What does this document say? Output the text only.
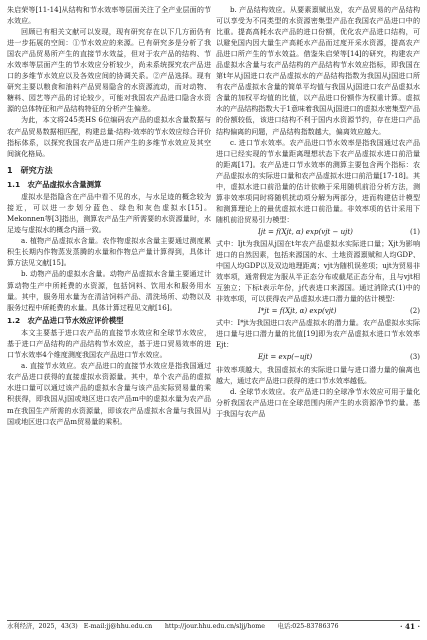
朱启荣等[11-14]从结构和节水效率等层面关注了全产业层面的节水效应。

回顾已有相关文献可以发现，现有研究存在以下几方面仍有进一步拓展的空间：①节水效应的来源。已有研究多是分析了我国农产品贸易所产生的直接节水效益，但对于农产品的结构、节水效率等层面产生的节水效应分析较少，尚未系统探究农产品进口的多维节水效应以及各效应间的协调关系。②产品选择。现有研究主要以粮食和油料产品贸易隐含的水资源流动，而对动物、糖料、园艺等产品的讨论较少，可能对我国农产品进口隐含水资源的总体特征和产品结构特征的分析产生偏差。

为此，本文将245类HS 6位编码农产品的虚拟水含量数据与农产品贸易数据相匹配，构建总量-结构-效率的节水效应综合评价指标体系，以探究我国农产品进口所产生的多维节水效应及其空间演化格局。

1　研究方法
1.1　农产品虚拟水含量测算

虚拟水是指隐含在产品中看不见的水，与水足迹的概念较为接近，可以进一步划分蓝色、绿色和灰色虚拟水[15]。Mekonnen等[3]指出，测算农产品生产所需要的水资源量时，水足迹与虚拟水的概念内涵一致。

a. 植物产品虚拟水含量。农作物虚拟水含量主要通过测度累积生长期内作物蒸发蒸腾的水量和作物总产量计算得到，具体计算方法见文献[15]。

b. 动物产品的虚拟水含量。动物产品虚拟水含量主要通过计算动物生产中所耗费的水资源，包括饲料、饮用水和服务用水量。其中，服务用水量为在清洁饲料产品、清洗场所、动物以及服务过程中所耗费的水量。具体计算过程见文献[16]。

1.2　农产品进口节水效应评价模型

本文主要基于进口农产品的直接节水效应和全球节水效应，基于进口产品结构的产品结构节水效应，基于进口贸易效率的进口节水效率4个维度测度我国农产品进口节水效应。

a. 直接节水效应。农产品进口的直接节水效应是指我国通过农产品进口获得的直接虚拟水资源量。其中，单个农产品的虚拟水进口量可以通过该产品的虚拟水含量与该产品实际贸易量的乘积获得，即我国从j国或地区进口农产品m中的虚拟水量为农产品m在我国生产所需的水资源量，即该农产品虚拟水含量与我国从j国或地区进口农产品m贸易量的乘积。

b. 产品结构效应。从要素禀赋出发，农产品贸易的产品结构可以享受为不同类型的水资源密集型产品在我国农产品进口中的比重。提高高耗水农产品的进口份额，优化农产品进口结构，可以避免国内因大量生产高耗水产品而过度开采水资源，提高农产品进口所产生的节水效益。借鉴朱启荣等[14]的研究，构建农产品虚拟水含量与农产品结构的产品结构节水效应指标，即我国在第t年从j国进口农产品虚拟水的产品结构指数为我国从j国进口所有农产品虚拟水含量的简单平均值与我国从j国进口农产品虚拟水含量的加权平均值的比值，以产品进口份额作为权重计算。虚拟水的产品结构指数大于1意味着我国从j国进口的虚拟水密集型产品的份额较低，该进口结构不利于国内水资源节约，存在进口产品结构偏离的问题，产品结构指数越大，偏离效应越大。

c. 进口节水效率。农产品进口节水效率是指我国通过农产品进口已经实现的节水量距离理想状态下农产品虚拟水进口前沿量的距离[17]。农产品进口节水效率的测算主要包含两个指标：农产品虚拟水的实际进口量和农产品虚拟水进口前沿量[17-18]。其中，虚拟水进口前沿量的估计依赖于采用随机前沿分析方法，测算非效率项同时将随机扰动项分解为两部分，进而构建估计模型和测算理论上的最优虚拟水进口前沿量。非效率项的估计采用下随机前沿贸易引力模型：

Ijt = f(Xjt, α) exp(vjt − ujt)	(1)

式中：Ijt为我国从j国在t年农产品虚拟水实际进口量；Xjt为影响进口的自然因素，包括来源国的水、土地资源禀赋和人均GDP、中国人均GDP以及双边地理距离；vjt为随机误差项；ujt为贸易非效率项，通常假定为服从半正态分布或截尾正态分布，且与vjt相互独立；下标t表示年份，j代表进口来源国。通过消除式(1)中的非效率项，可以获得农产品虚拟水进口潜力量的估计模型：

I*jt = f(Xjt, α) exp(vjt)	(2)

式中：I*jt为我国进口农产品虚拟水的潜力量。农产品虚拟水实际进口量与进口潜力量的比值[19]即为农产品虚拟水进口节水效率Ejt：

Ejt = exp(−ujt)	(3)

非效率项越大，我国虚拟水的实际进口量与进口潜力量的偏离也越大，通过农产品进口获得的进口节水效率越低。

d. 全球节水效应。农产品进口的全球净节水效应可用于量化分析我国农产品进口在全球范围内所产生的水资源净节约量。基于我国与农产品

水利经济，2025，43(3) E-mail:jj@hhu.edu.cn　　http://jour.hhu.edu.cn/sljj/home　　电话:025-83786376	· 41 ·
